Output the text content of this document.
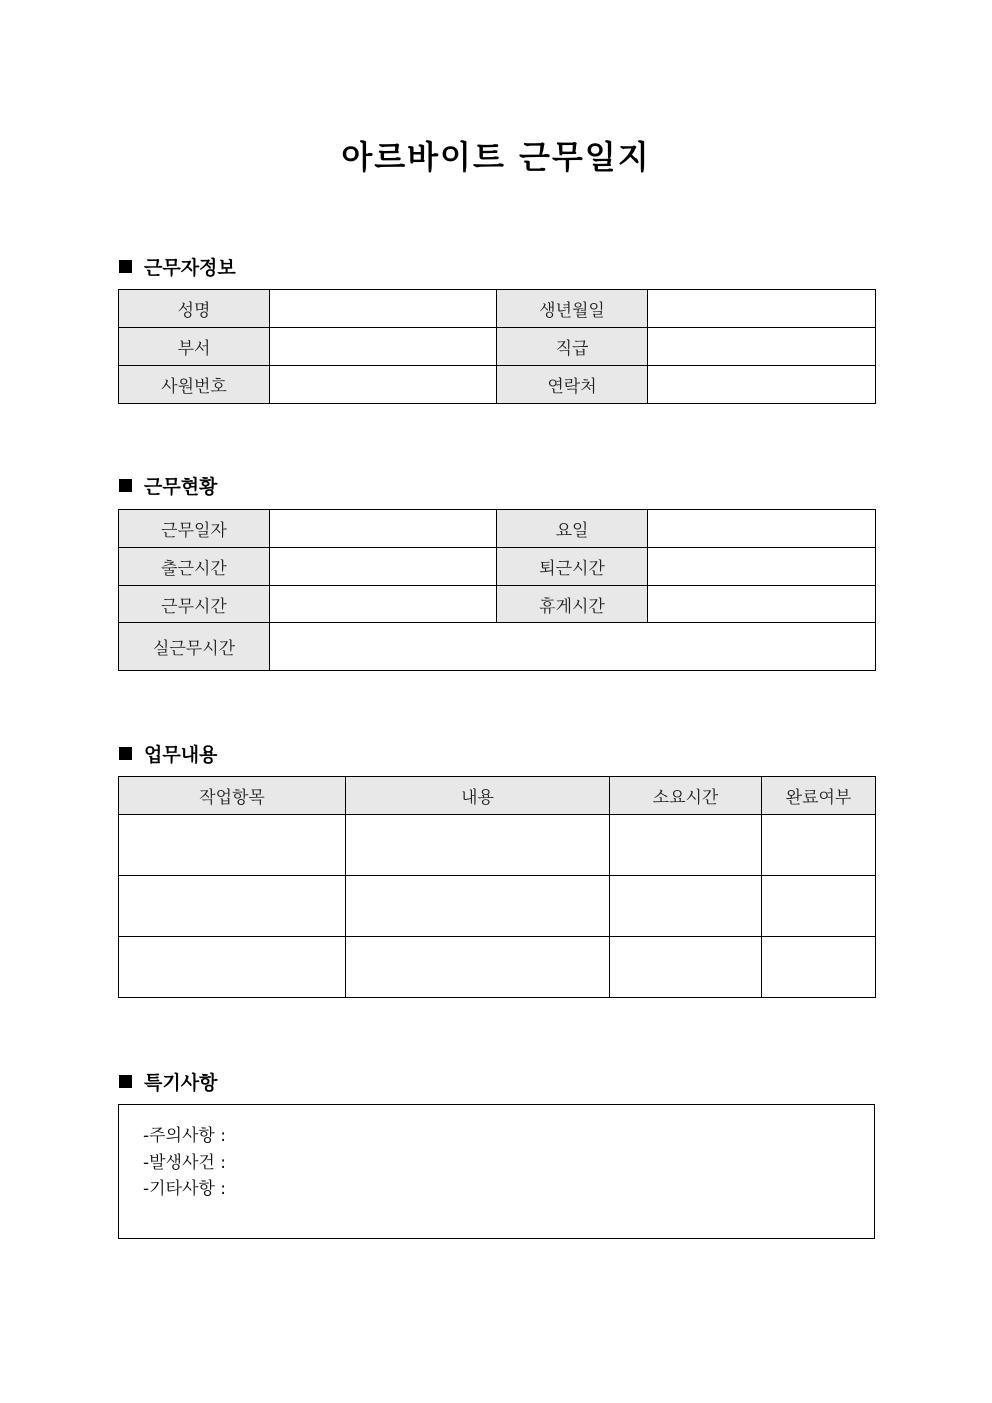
아르바이트 근무일지
근무자정보
성명		생년월일	
부서		직급	
사원번호		연락처	
근무현황
근무일자		요일	
출근시간		퇴근시간	
근무시간		휴게시간	
실근무시간			
업무내용
작업항목	내용	소요시간	완료여부

특기사항
-주의사항 :
-발생사건 :
-기타사항 :
